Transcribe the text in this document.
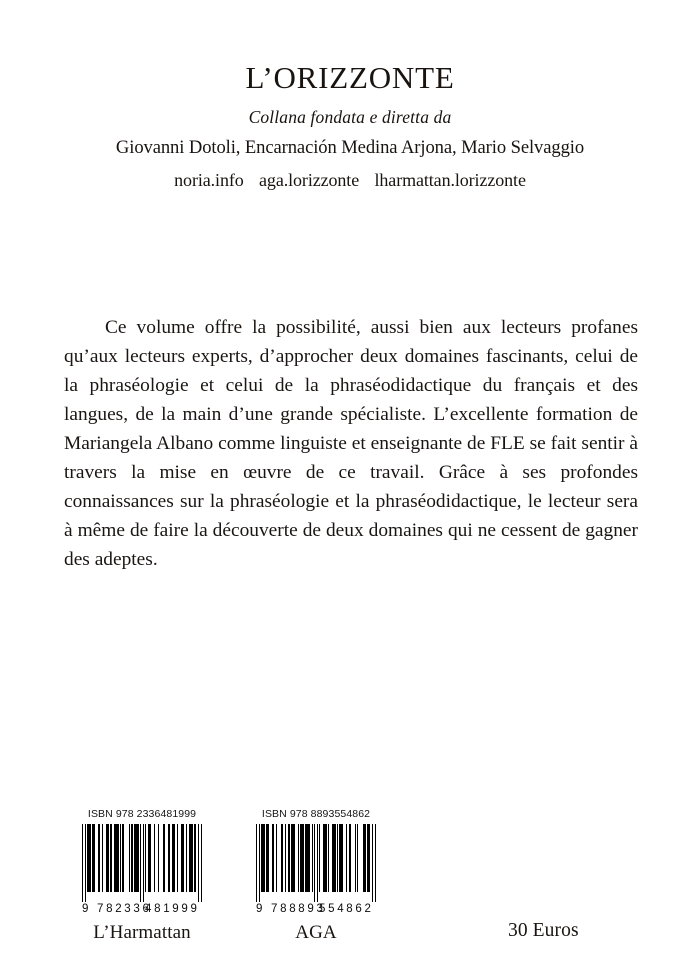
L’ORIZZONTE
Collana fondata e diretta da
Giovanni Dotoli, Encarnación Medina Arjona, Mario Selvaggio
noria.info aga.lorizzonte lharmattan.lorizzonte
Ce volume offre la possibilité, aussi bien aux lecteurs profanes qu’aux lecteurs experts, d’approcher deux domaines fascinants, celui de la phraséologie et celui de la phraséodidactique du français et des langues, de la main d’une grande spécialiste. L’excellente formation de Mariangela Albano comme linguiste et enseignante de FLE se fait sentir à travers la mise en œuvre de ce travail. Grâce à ses profondes connaissances sur la phraséologie et la phraséodidactique, le lecteur sera à même de faire la découverte de deux domaines qui ne cessent de gagner des adeptes.
ISBN 978 2336481999
9 782336
481999
L’Harmattan
ISBN 978 8893554862
9 788893
554862
AGA	30 Euros
